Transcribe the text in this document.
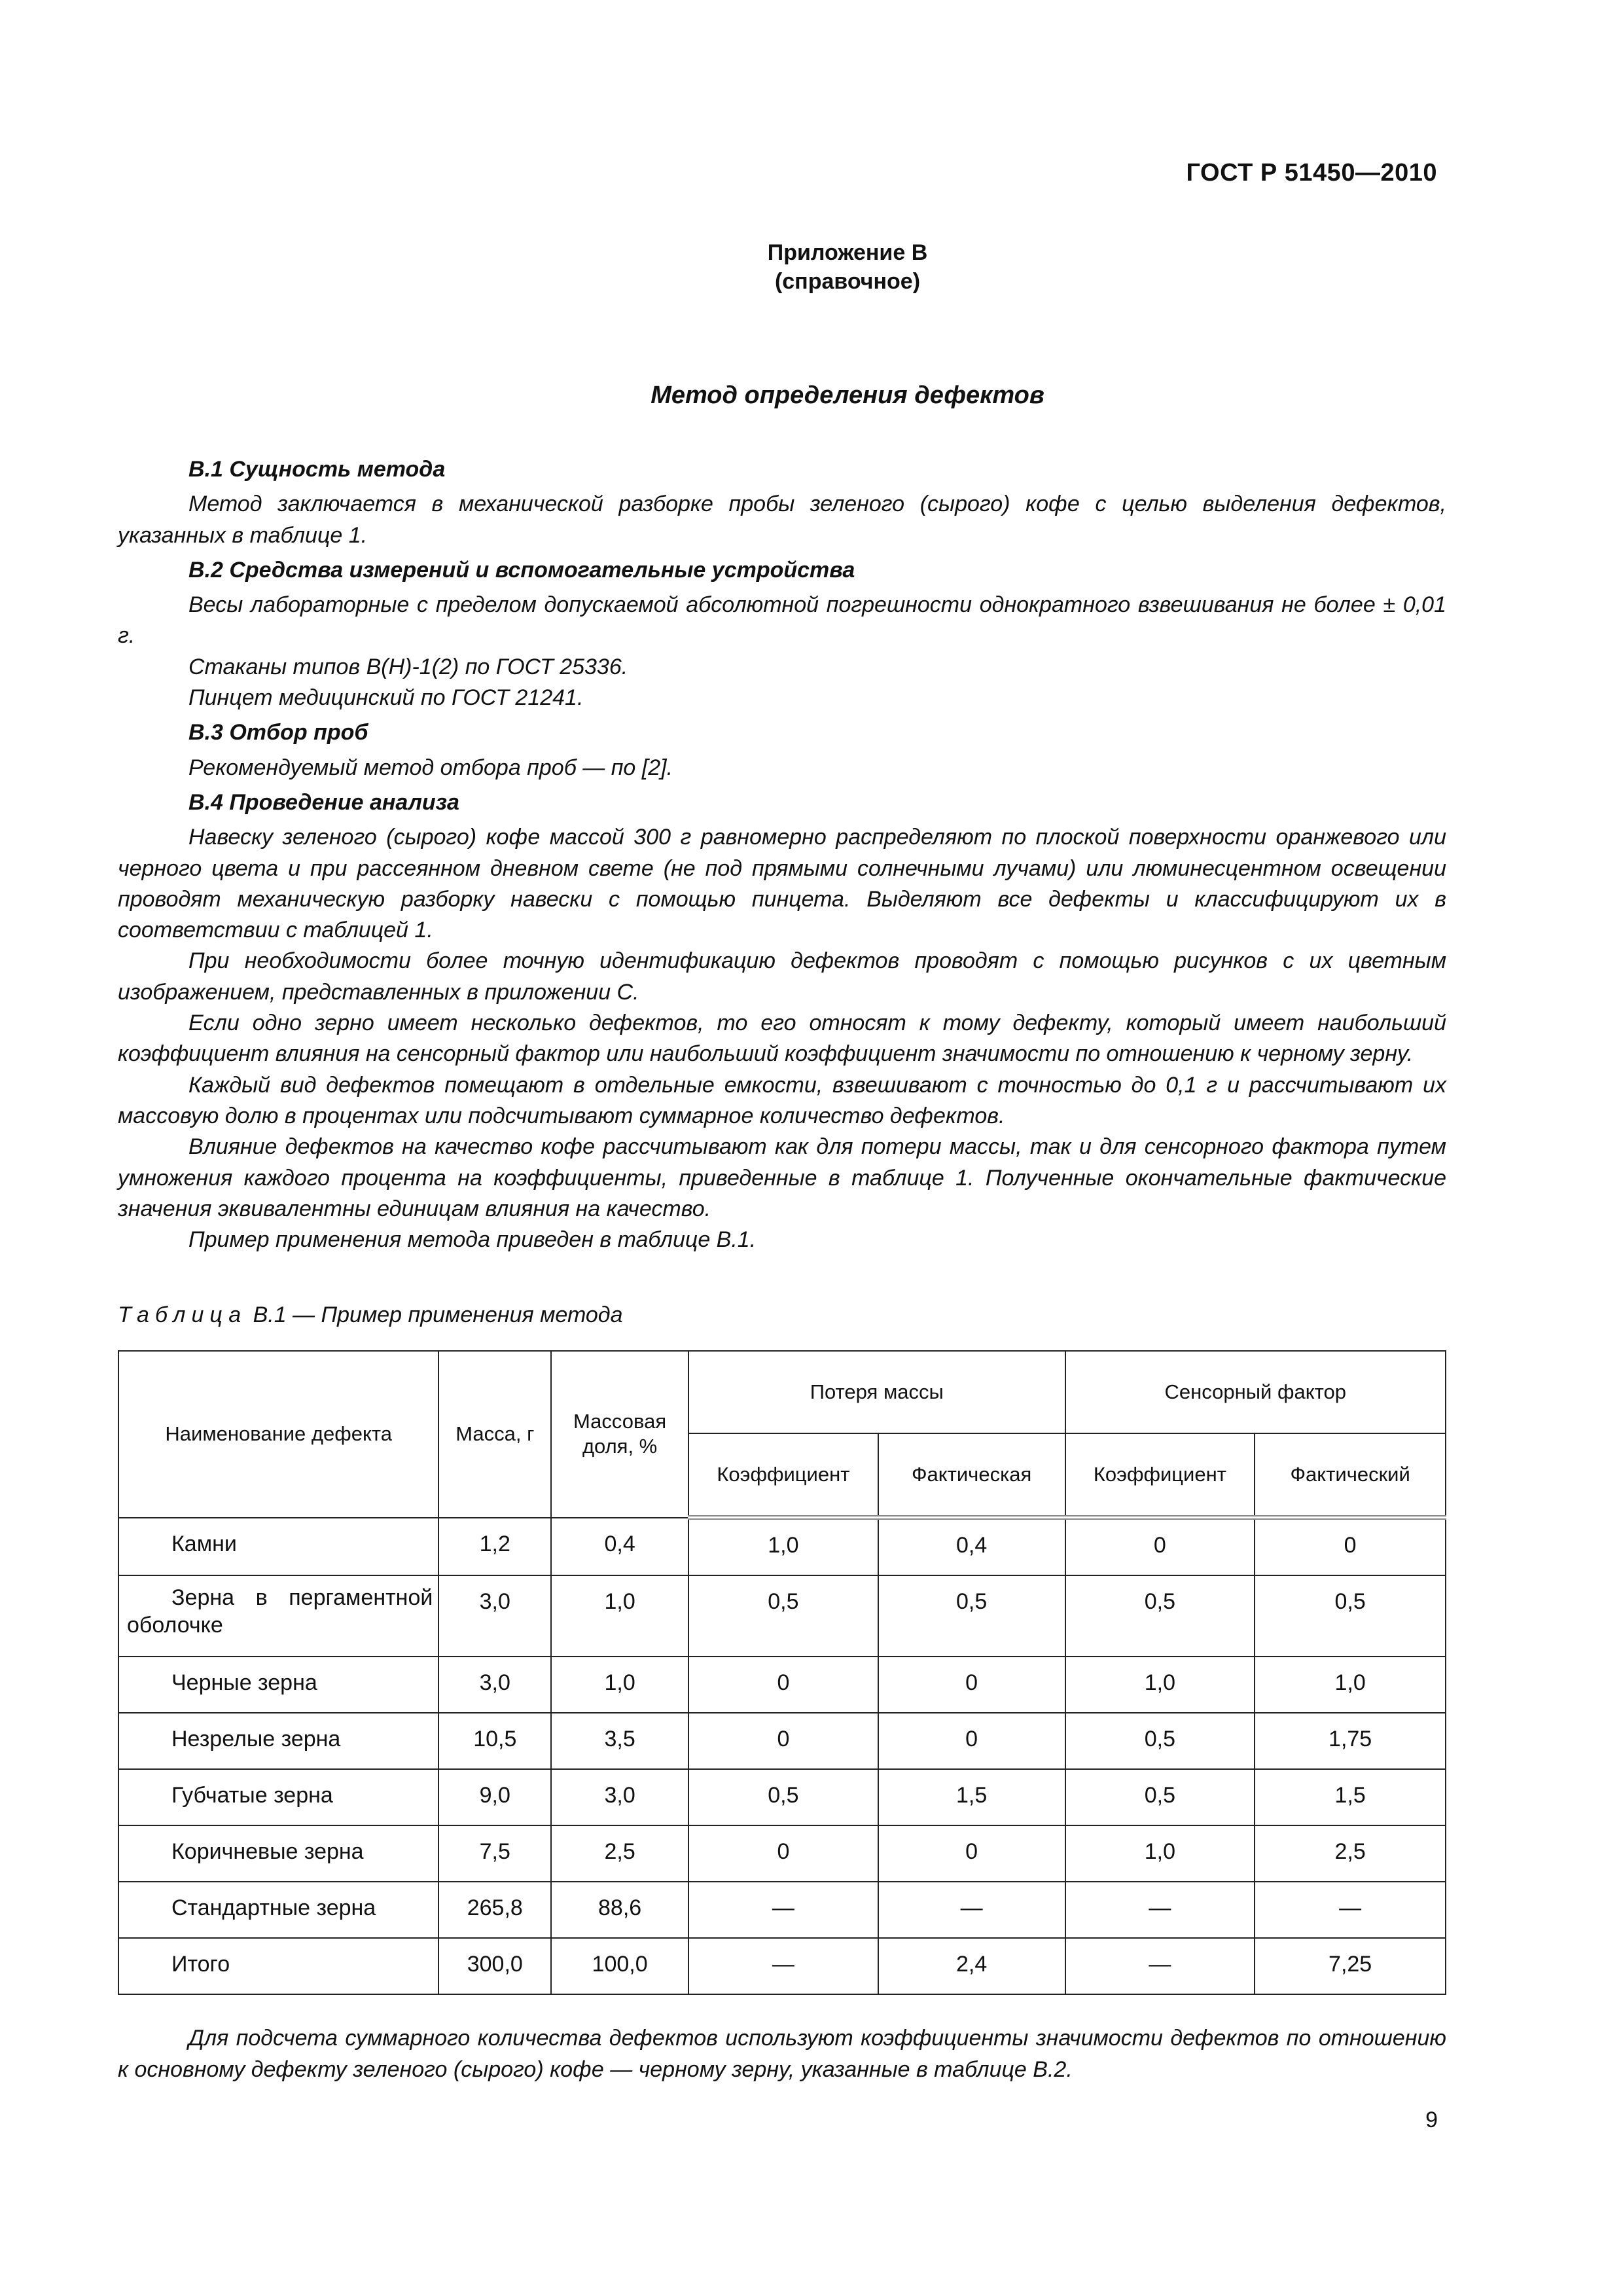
ГОСТ Р 51450—2010
Приложение В
(справочное)
Метод определения дефектов

В.1 Сущность метода

Метод заключается в механической разборке пробы зеленого (сырого) кофе с целью выделения дефектов, указанных в таблице 1.

В.2 Средства измерений и вспомогательные устройства

Весы лабораторные с пределом допускаемой абсолютной погрешности однократного взвешивания не более ± 0,01 г.

Стаканы типов В(Н)-1(2) по ГОСТ 25336.

Пинцет медицинский по ГОСТ 21241.

В.3 Отбор проб

Рекомендуемый метод отбора проб — по [2].

В.4 Проведение анализа

Навеску зеленого (сырого) кофе массой 300 г равномерно распределяют по плоской поверхности оранжевого или черного цвета и при рассеянном дневном свете (не под прямыми солнечными лучами) или люминесцентном освещении проводят механическую разборку навески с помощью пинцета. Выделяют все дефекты и классифицируют их в соответствии с таблицей 1.

При необходимости более точную идентификацию дефектов проводят с помощью рисунков с их цветным изображением, представленных в приложении С.

Если одно зерно имеет несколько дефектов, то его относят к тому дефекту, который имеет наибольший коэффициент влияния на сенсорный фактор или наибольший коэффициент значимости по отношению к черному зерну.

Каждый вид дефектов помещают в отдельные емкости, взвешивают с точностью до 0,1 г и рассчитывают их массовую долю в процентах или подсчитывают суммарное количество дефектов.

Влияние дефектов на качество кофе рассчитывают как для потери массы, так и для сенсорного фактора путем умножения каждого процента на коэффициенты, приведенные в таблице 1. Полученные окончательные фактические значения эквивалентны единицам влияния на качество.

Пример применения метода приведен в таблице В.1.

Таблица В.1 — Пример применения метода
Наименование дефекта	Масса, г	Массовая доля, %	Потеря массы		Сенсорный фактор	
			Коэффициент	Фактическая	Коэффициент	Фактический
Камни	1,2	0,4	1,0	0,4	0	0
Зерна в пергаментной оболочке	3,0	1,0	0,5	0,5	0,5	0,5
Черные зерна	3,0	1,0	0	0	1,0	1,0
Незрелые зерна	10,5	3,5	0	0	0,5	1,75
Губчатые зерна	9,0	3,0	0,5	1,5	0,5	1,5
Коричневые зерна	7,5	2,5	0	0	1,0	2,5
Стандартные зерна	265,8	88,6	—	—	—	—
Итого	300,0	100,0	—	2,4	—	7,25

Для подсчета суммарного количества дефектов используют коэффициенты значимости дефектов по отношению к основному дефекту зеленого (сырого) кофе — черному зерну, указанные в таблице В.2.

9
